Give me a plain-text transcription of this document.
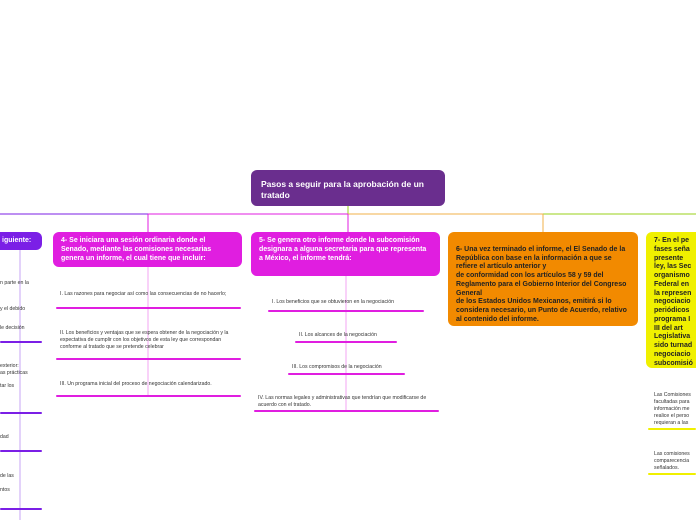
Pasos a seguir para la aprobación de un tratado
iguiente:
n parte en la
y el debido
le decisión
exterior:
as prácticas
tar los
dad
de las
ntos
4- Se iniciara una sesión ordinaria donde el Senado, mediante las comisiones necesarias genera un informe, el cual tiene que incluir:
I. Las razones para negociar así como las consecuencias de no hacerlo;
II. Los beneficios y ventajas que se espera obtener de la negociación y la expectativa de cumplir con los objetivos de esta ley que correspondan conforme al tratado que se pretende celebrar
III. Un programa inicial del proceso de negociación calendarizado.
5- Se genera otro informe donde la subcomisión designara a alguna secretaria para que representa a México, el informe tendrá:
I. Los beneficios que se obtuvieron en la negociación
II. Los alcances de la negociación
III. Los compromisos de la negociación
IV. Las normas legales y administrativas que tendrían que modificarse de acuerdo con el tratado.

6- Una vez terminado el informe, el El Senado de la República con base en la información a que se refiere el artículo anterior y
de conformidad con los artículos 58 y 59 del Reglamento para el Gobierno Interior del Congreso General
de los Estados Unidos Mexicanos, emitirá si lo considera necesario, un Punto de Acuerdo, relativo al contenido del informe.

7- En el pe fases seña presente ley, las Sec organismo Federal en la represen negociacio periódicos programa I III del art Legislativa sido turnad negociacio subcomisió
Las Comisiones facultadas para información me realice el perso requieran a las
Las comisiones comparecencia señalados.
